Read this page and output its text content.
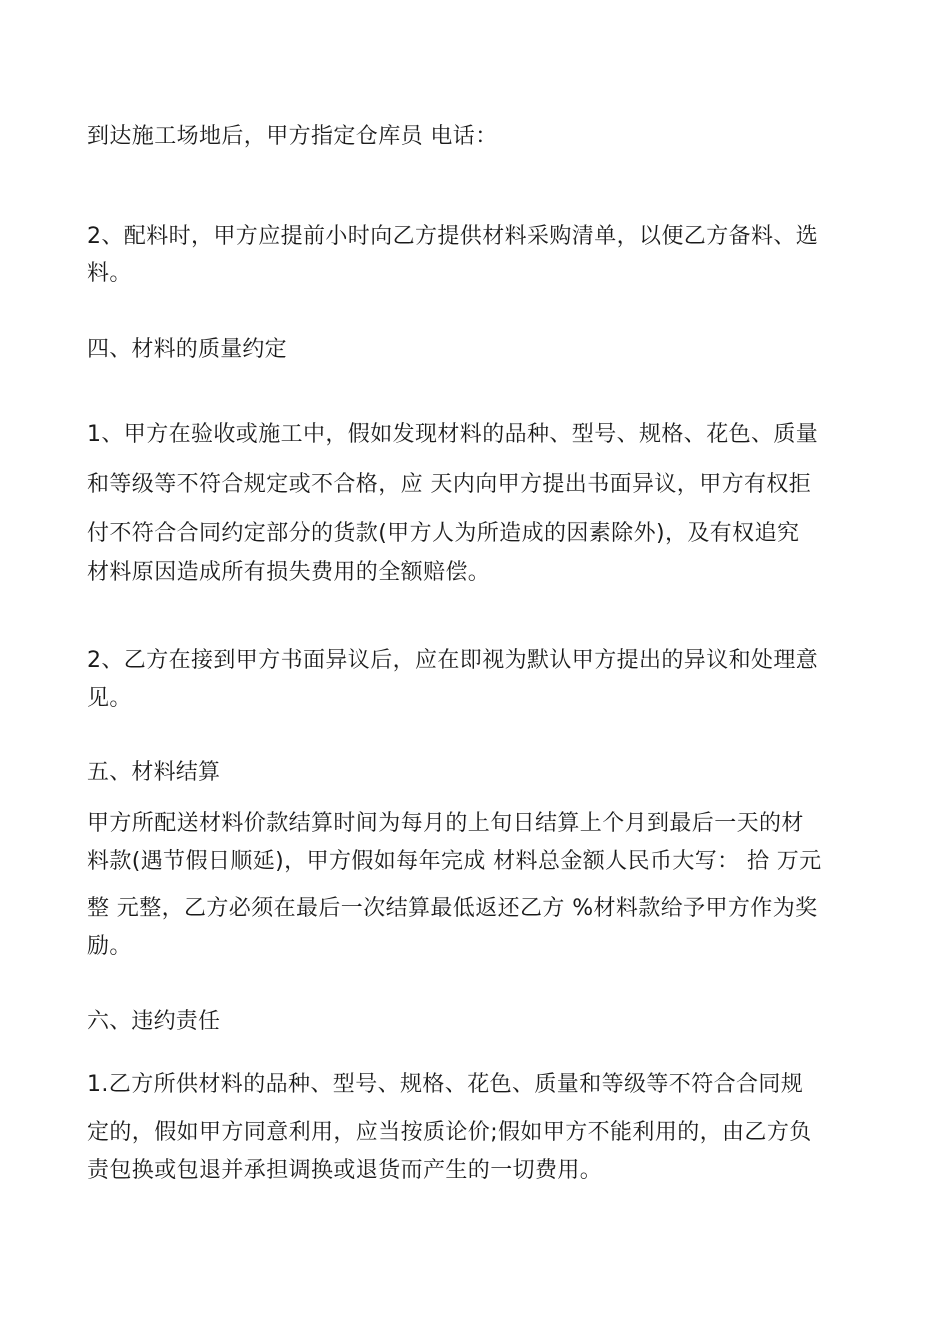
到达施工场地后，甲方指定仓库员 电话：
2、配料时，甲方应提前小时向乙方提供材料采购清单，以便乙方备料、选
料。
四、材料的质量约定
1、甲方在验收或施工中，假如发现材料的品种、型号、规格、花色、质量
和等级等不符合规定或不合格，应 天内向甲方提出书面异议，甲方有权拒
付不符合合同约定部分的货款(甲方人为所造成的因素除外)，及有权追究
材料原因造成所有损失费用的全额赔偿。
2、乙方在接到甲方书面异议后，应在即视为默认甲方提出的异议和处理意
见。
五、材料结算
甲方所配送材料价款结算时间为每月的上旬日结算上个月到最后一天的材
料款(遇节假日顺延)，甲方假如每年完成 材料总金额人民币大写： 拾 万元
整 元整，乙方必须在最后一次结算最低返还乙方 %材料款给予甲方作为奖
励。
六、违约责任
1.乙方所供材料的品种、型号、规格、花色、质量和等级等不符合合同规
定的，假如甲方同意利用，应当按质论价;假如甲方不能利用的，由乙方负
责包换或包退并承担调换或退货而产生的一切费用。
